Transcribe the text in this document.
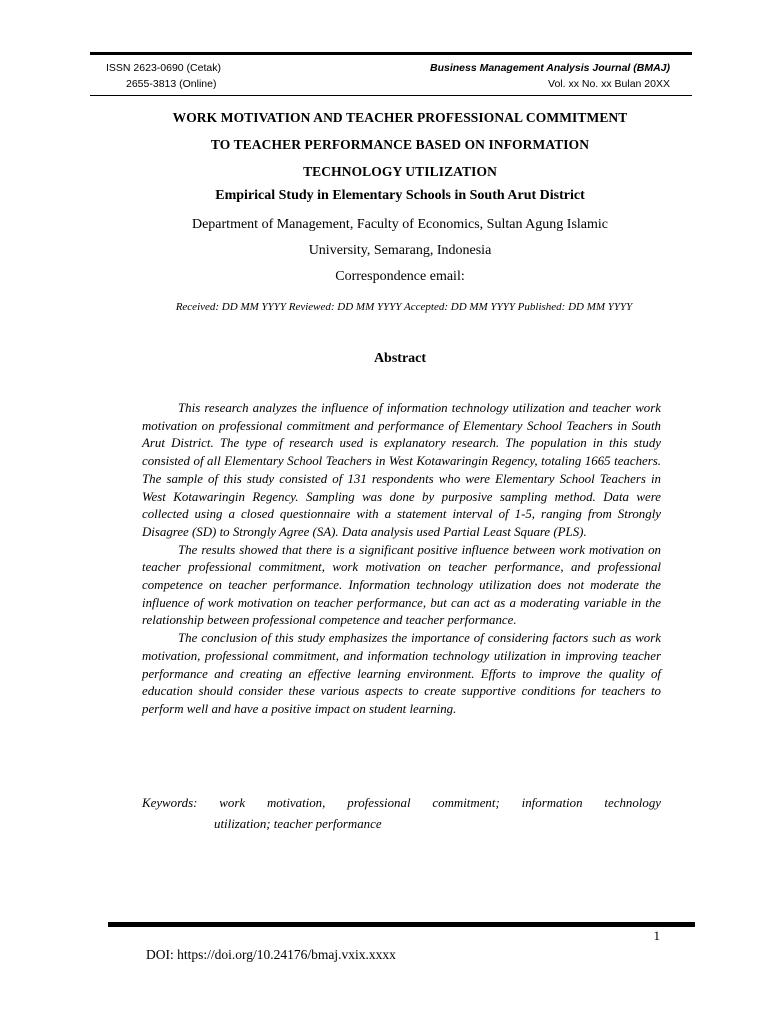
ISSN 2623-0690 (Cetak)
2655-3813 (Online)
Business Management Analysis Journal (BMAJ)
Vol. xx No. xx Bulan 20XX
WORK MOTIVATION AND TEACHER PROFESSIONAL COMMITMENT
TO TEACHER PERFORMANCE BASED ON INFORMATION
TECHNOLOGY UTILIZATION
Empirical Study in Elementary Schools in South Arut District
Department of Management, Faculty of Economics, Sultan Agung Islamic
University, Semarang, Indonesia
Correspondence email:
Received: DD MM YYYY Reviewed: DD MM YYYY Accepted: DD MM YYYY Published: DD MM YYYY
Abstract

This research analyzes the influence of information technology utilization and teacher work motivation on professional commitment and performance of Elementary School Teachers in South Arut District. The type of research used is explanatory research. The population in this study consisted of all Elementary School Teachers in West Kotawaringin Regency, totaling 1665 teachers. The sample of this study consisted of 131 respondents who were Elementary School Teachers in West Kotawaringin Regency. Sampling was done by purposive sampling method. Data were collected using a closed questionnaire with a statement interval of 1-5, ranging from Strongly Disagree (SD) to Strongly Agree (SA). Data analysis used Partial Least Square (PLS).

The results showed that there is a significant positive influence between work motivation on teacher professional commitment, work motivation on teacher performance, and professional competence on teacher performance. Information technology utilization does not moderate the influence of work motivation on teacher performance, but can act as a moderating variable in the relationship between professional competence and teacher performance.

The conclusion of this study emphasizes the importance of considering factors such as work motivation, professional commitment, and information technology utilization in improving teacher performance and creating an effective learning environment. Efforts to improve the quality of education should consider these various aspects to create supportive conditions for teachers to perform well and have a positive impact on student learning.

Keywords: work motivation, professional commitment; information technology
utilization; teacher performance
1
DOI: https://doi.org/10.24176/bmaj.vxix.xxxx
